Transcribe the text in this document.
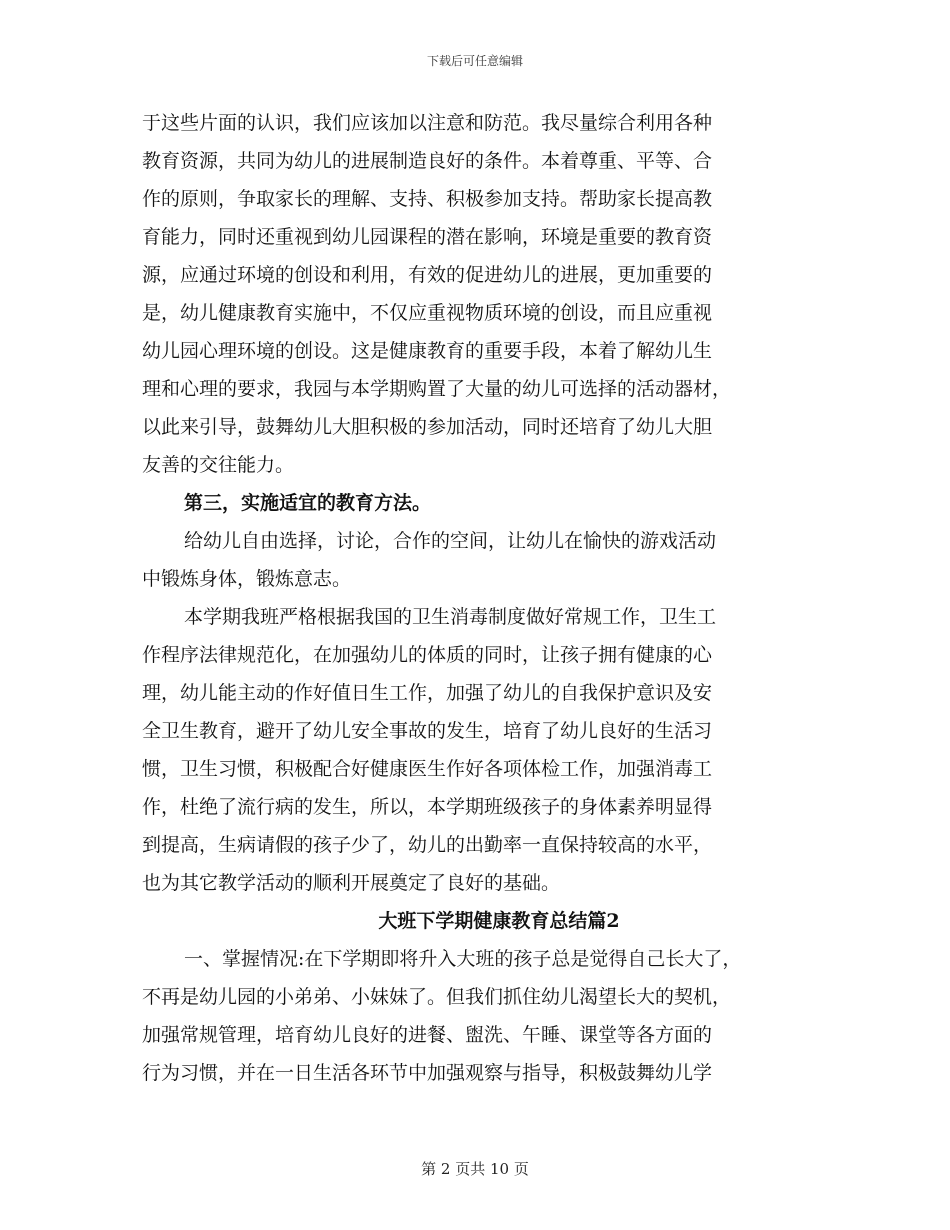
下载后可任意编辑
于这些片面的认识，我们应该加以注意和防范。我尽量综合利用各种
教育资源，共同为幼儿的进展制造良好的条件。本着尊重、平等、合
作的原则，争取家长的理解、支持、积极参加支持。帮助家长提高教
育能力，同时还重视到幼儿园课程的潜在影响，环境是重要的教育资
源，应通过环境的创设和利用，有效的促进幼儿的进展，更加重要的
是，幼儿健康教育实施中，不仅应重视物质环境的创设，而且应重视
幼儿园心理环境的创设。这是健康教育的重要手段，本着了解幼儿生
理和心理的要求，我园与本学期购置了大量的幼儿可选择的活动器材，
以此来引导，鼓舞幼儿大胆积极的参加活动，同时还培育了幼儿大胆
友善的交往能力。
第三，实施适宜的教育方法。
给幼儿自由选择，讨论，合作的空间，让幼儿在愉快的游戏活动
中锻炼身体，锻炼意志。
本学期我班严格根据我国的卫生消毒制度做好常规工作，卫生工
作程序法律规范化，在加强幼儿的体质的同时，让孩子拥有健康的心
理，幼儿能主动的作好值日生工作，加强了幼儿的自我保护意识及安
全卫生教育，避开了幼儿安全事故的发生，培育了幼儿良好的生活习
惯，卫生习惯，积极配合好健康医生作好各项体检工作，加强消毒工
作，杜绝了流行病的发生，所以，本学期班级孩子的身体素养明显得
到提高，生病请假的孩子少了，幼儿的出勤率一直保持较高的水平，
也为其它教学活动的顺利开展奠定了良好的基础。
大班下学期健康教育总结篇2
一、掌握情况:在下学期即将升入大班的孩子总是觉得自己长大了，
不再是幼儿园的小弟弟、小妹妹了。但我们抓住幼儿渴望长大的契机，
加强常规管理，培育幼儿良好的进餐、盥洗、午睡、课堂等各方面的
行为习惯，并在一日生活各环节中加强观察与指导，积极鼓舞幼儿学
第 2 页共 10 页
